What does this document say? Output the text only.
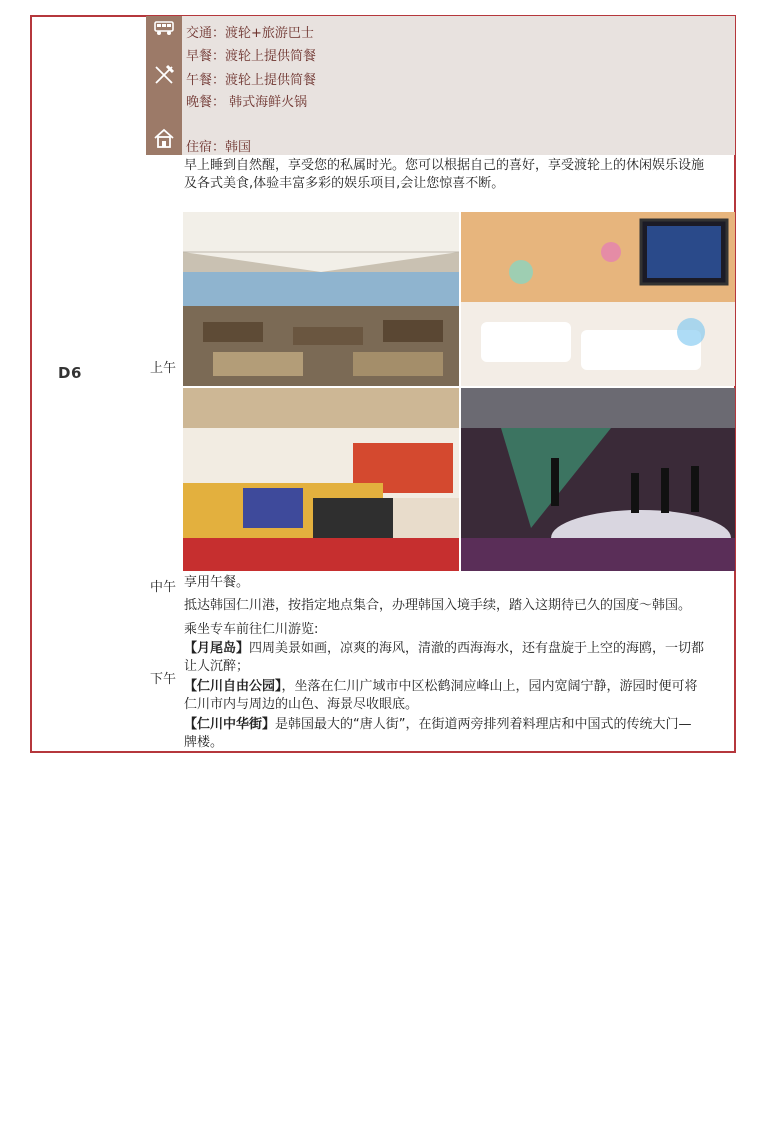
D6
交通：渡轮+旅游巴士
早餐：渡轮上提供简餐
午餐：渡轮上提供简餐
晚餐： 韩式海鲜火锅
住宿：韩国
早上睡到自然醒，享受您的私属时光。您可以根据自己的喜好，享受渡轮上的休闲娱乐设施
及各式美食,体验丰富多彩的娱乐项目,会让您惊喜不断。
上午
中午 享用午餐。
抵达韩国仁川港，按指定地点集合，办理韩国入境手续，踏入这期待已久的国度～韩国。
乘坐专车前往仁川游览:
【月尾岛】四周美景如画，凉爽的海风，清澈的西海海水，还有盘旋于上空的海鸥，一切都
让人沉醉；
下午 【仁川自由公园】，坐落在仁川广域市中区松鹤洞应峰山上，园内宽阔宁静，游园时便可将
仁川市内与周边的山色、海景尽收眼底。
【仁川中华街】是韩国最大的“唐人街”，在街道两旁排列着料理店和中国式的传统大门—
牌楼。
